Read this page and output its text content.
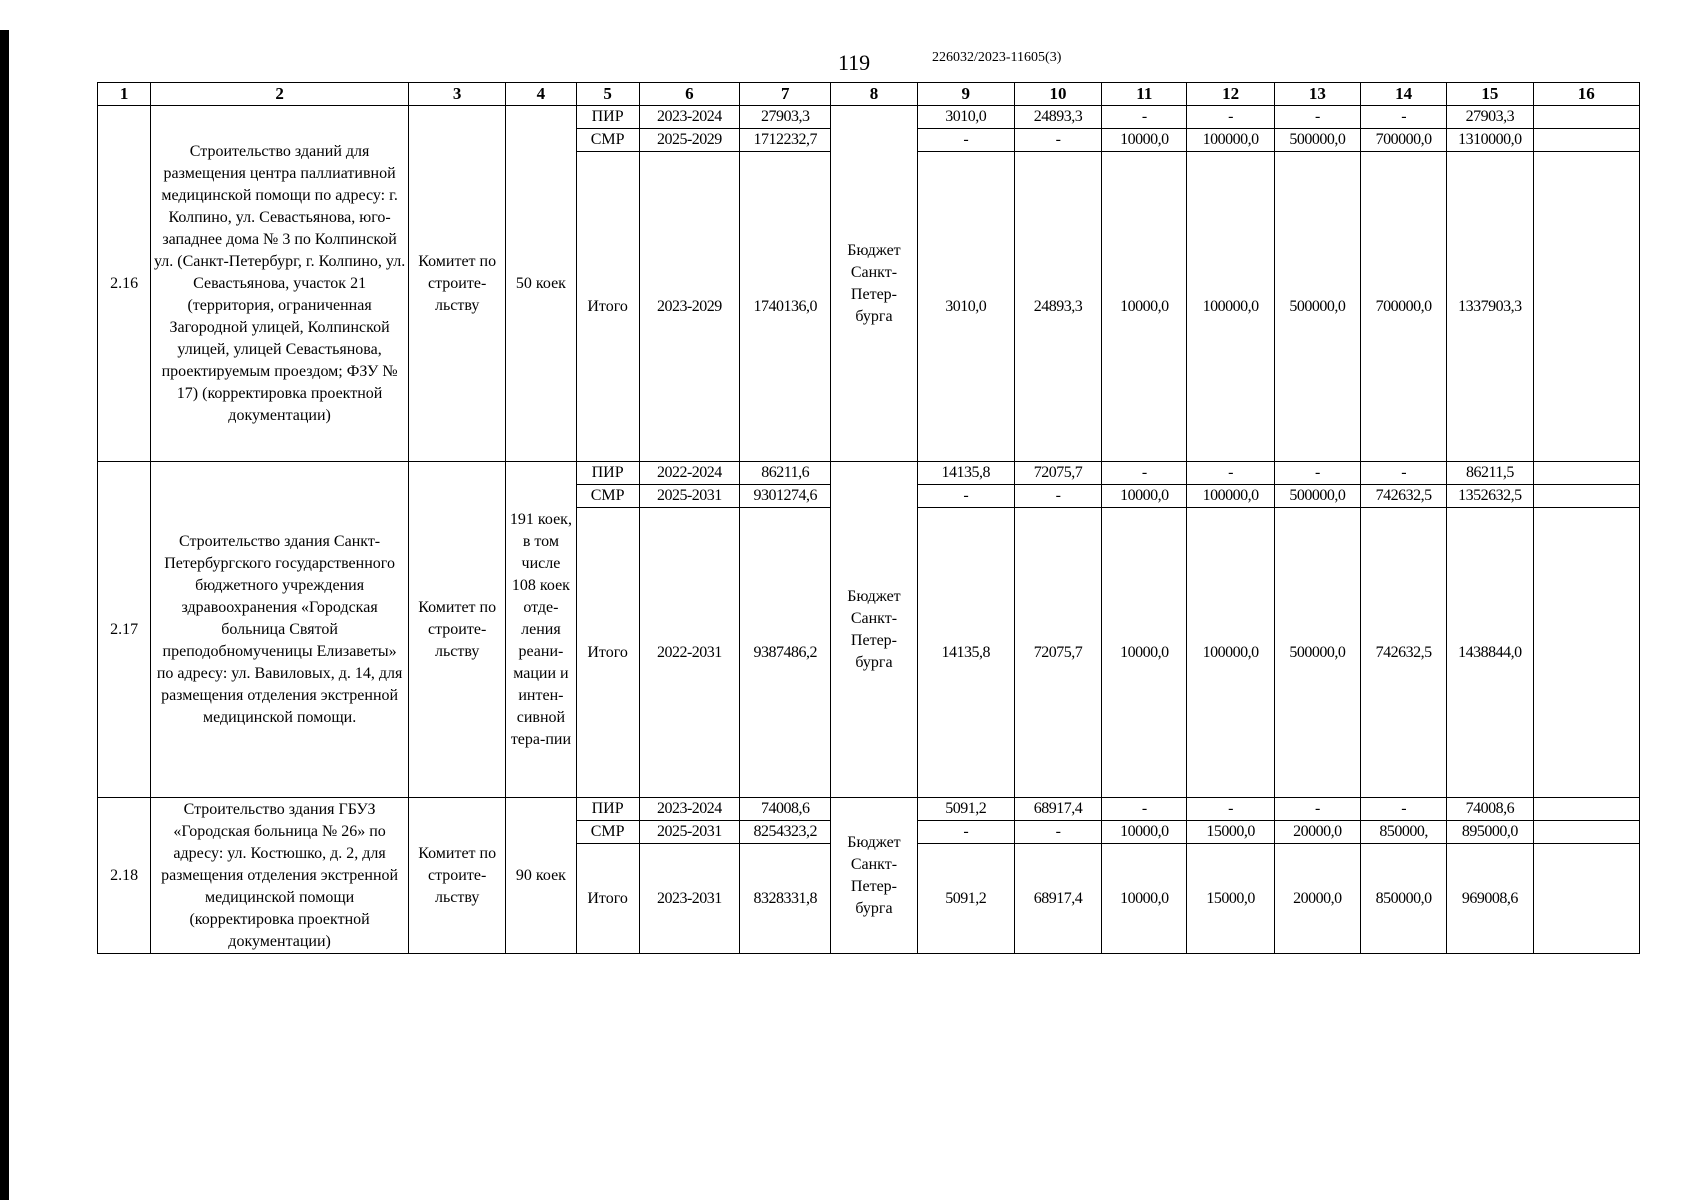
119	226032/2023-11605(3)
1	2	3	4	5	6	7	8	9	10	11	12	13	14	15	16
2.16	Строительство зданий для размещения центра паллиативной медицинской помощи по адресу: г. Колпино, ул. Севастьянова, юго-западнее дома № 3 по Колпинской ул. (Санкт-Петербург, г. Колпино, ул. Севастьянова, участок 21 (территория, ограниченная Загородной улицей, Колпинской улицей, улицей Севастьянова, проектируемым проездом; ФЗУ № 17) (корректировка проектной документации)	Комитет по строите-льству	50 коек	ПИР	2023-2024	27903,3	Бюджет Санкт-Петер-бурга	3010,0	24893,3	-	-	-	-	27903,3	
				СМР	2025-2029	1712232,7		-	-	10000,0	100000,0	500000,0	700000,0	1310000,0	
				Итого	2023-2029	1740136,0		3010,0	24893,3	10000,0	100000,0	500000,0	700000,0	1337903,3	
2.17	Строительство здания Санкт-Петербургского государственного бюджетного учреждения здравоохранения «Городская больница Святой преподобномученицы Елизаветы» по адресу: ул. Вавиловых, д. 14, для размещения отделения экстренной медицинской помощи.	Комитет по строите-льству	191 коек, в том числе 108 коек отде-ления реани-мации и интен-сивной тера-пии	ПИР	2022-2024	86211,6	Бюджет Санкт-Петер-бурга	14135,8	72075,7	-	-	-	-	86211,5	
				СМР	2025-2031	9301274,6		-	-	10000,0	100000,0	500000,0	742632,5	1352632,5	
				Итого	2022-2031	9387486,2		14135,8	72075,7	10000,0	100000,0	500000,0	742632,5	1438844,0	
2.18	Строительство здания ГБУЗ «Городская больница № 26» по адресу: ул. Костюшко, д. 2, для размещения отделения экстренной медицинской помощи (корректировка проектной документации)	Комитет по строите-льству	90 коек	ПИР	2023-2024	74008,6	Бюджет Санкт-Петер-бурга	5091,2	68917,4	-	-	-	-	74008,6	
				СМР	2025-2031	8254323,2		-	-	10000,0	15000,0	20000,0	850000,	895000,0	
				Итого	2023-2031	8328331,8		5091,2	68917,4	10000,0	15000,0	20000,0	850000,0	969008,6	
